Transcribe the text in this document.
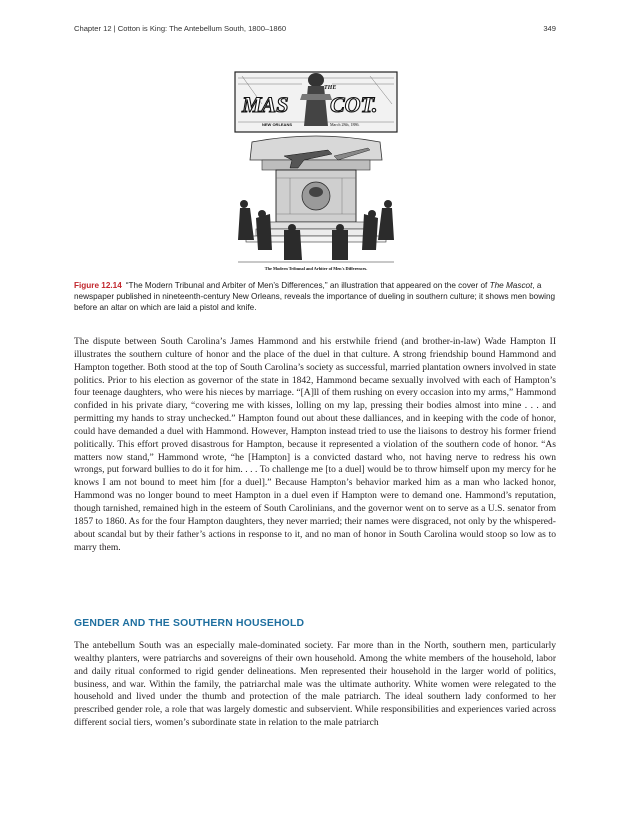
Chapter 12 | Cotton is King: The Antebellum South, 1800–1860	349
THE
MAS COT.
NEW ORLEANS	March 28th, 1886.
The Modern Tribunal and Arbiter of Men's Differences.
Figure 12.14 “The Modern Tribunal and Arbiter of Men’s Differences,” an illustration that appeared on the cover of The Mascot, a newspaper published in nineteenth-century New Orleans, reveals the importance of dueling in southern culture; it shows men bowing before an altar on which are laid a pistol and knife.

The dispute between South Carolina’s James Hammond and his erstwhile friend (and brother-in-law) Wade Hampton II illustrates the southern culture of honor and the place of the duel in that culture. A strong friendship bound Hammond and Hampton together. Both stood at the top of South Carolina’s society as successful, married plantation owners involved in state politics. Prior to his election as governor of the state in 1842, Hammond became sexually involved with each of Hampton’s four teenage daughters, who were his nieces by marriage. “[A]ll of them rushing on every occasion into my arms,” Hammond confided in his private diary, “covering me with kisses, lolling on my lap, pressing their bodies almost into mine . . . and permitting my hands to stray unchecked.” Hampton found out about these dalliances, and in keeping with the code of honor, could have demanded a duel with Hammond. However, Hampton instead tried to use the liaisons to destroy his former friend politically. This effort proved disastrous for Hampton, because it represented a violation of the southern code of honor. “As matters now stand,” Hammond wrote, “he [Hampton] is a convicted dastard who, not having nerve to redress his own wrongs, put forward bullies to do it for him. . . . To challenge me [to a duel] would be to throw himself upon my mercy for he knows I am not bound to meet him [for a duel].” Because Hampton’s behavior marked him as a man who lacked honor, Hammond was no longer bound to meet Hampton in a duel even if Hampton were to demand one. Hammond’s reputation, though tarnished, remained high in the esteem of South Carolinians, and the governor went on to serve as a U.S. senator from 1857 to 1860. As for the four Hampton daughters, they never married; their names were disgraced, not only by the whispered-about scandal but by their father’s actions in response to it, and no man of honor in South Carolina would stoop so low as to marry them.

GENDER AND THE SOUTHERN HOUSEHOLD

The antebellum South was an especially male-dominated society. Far more than in the North, southern men, particularly wealthy planters, were patriarchs and sovereigns of their own household. Among the white members of the household, labor and daily ritual conformed to rigid gender delineations. Men represented their household in the larger world of politics, business, and war. Within the family, the patriarchal male was the ultimate authority. White women were relegated to the household and lived under the thumb and protection of the male patriarch. The ideal southern lady conformed to her prescribed gender role, a role that was largely domestic and subservient. While responsibilities and experiences varied across different social tiers, women’s subordinate state in relation to the male patriarch
